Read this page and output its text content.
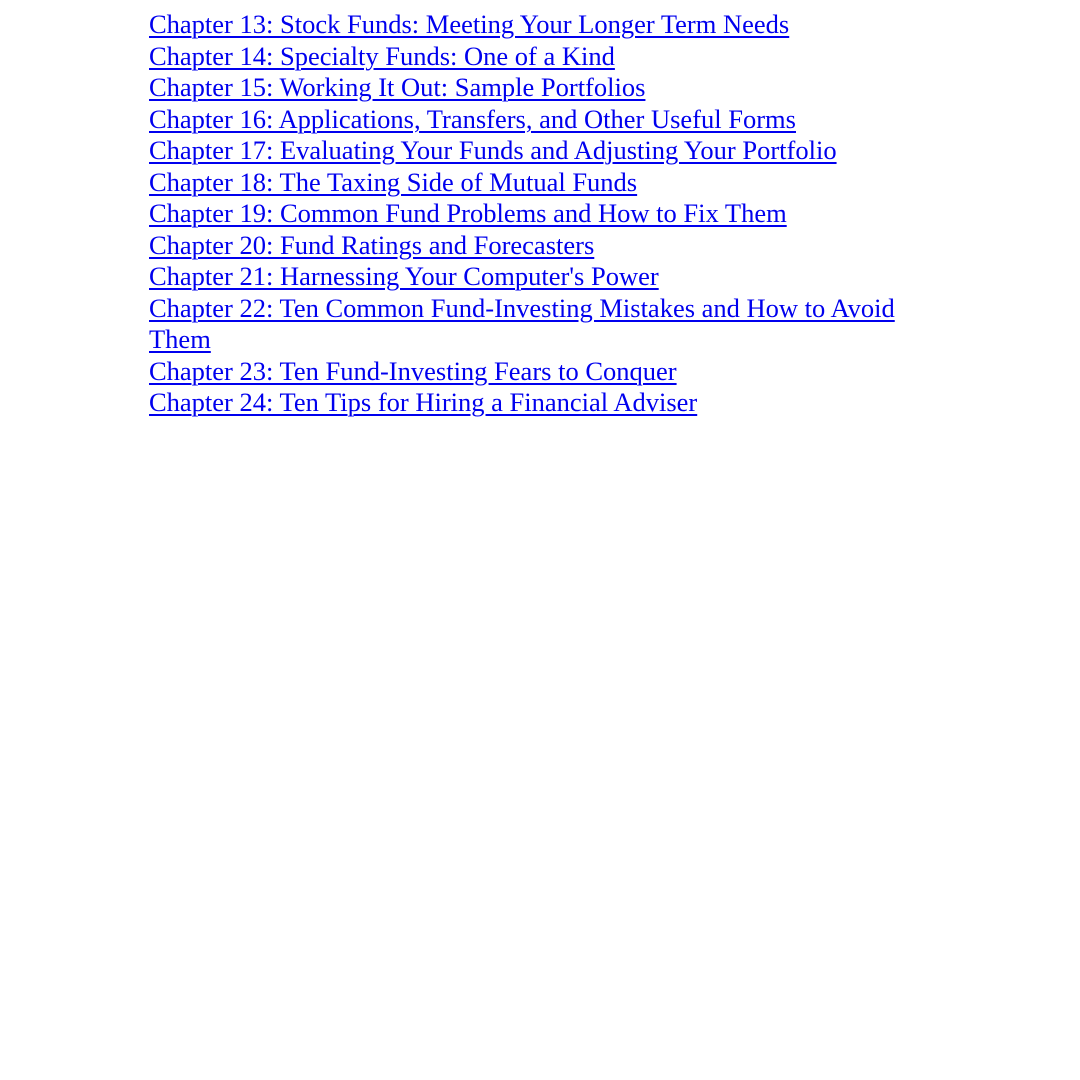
Chapter 13: Stock Funds: Meeting Your Longer Term Needs
Chapter 14: Specialty Funds: One of a Kind
Chapter 15: Working It Out: Sample Portfolios
Chapter 16: Applications, Transfers, and Other Useful Forms
Chapter 17: Evaluating Your Funds and Adjusting Your Portfolio
Chapter 18: The Taxing Side of Mutual Funds
Chapter 19: Common Fund Problems and How to Fix Them
Chapter 20: Fund Ratings and Forecasters
Chapter 21: Harnessing Your Computer's Power
Chapter 22: Ten Common Fund-Investing Mistakes and How to Avoid Them
Chapter 23: Ten Fund-Investing Fears to Conquer
Chapter 24: Ten Tips for Hiring a Financial Adviser
